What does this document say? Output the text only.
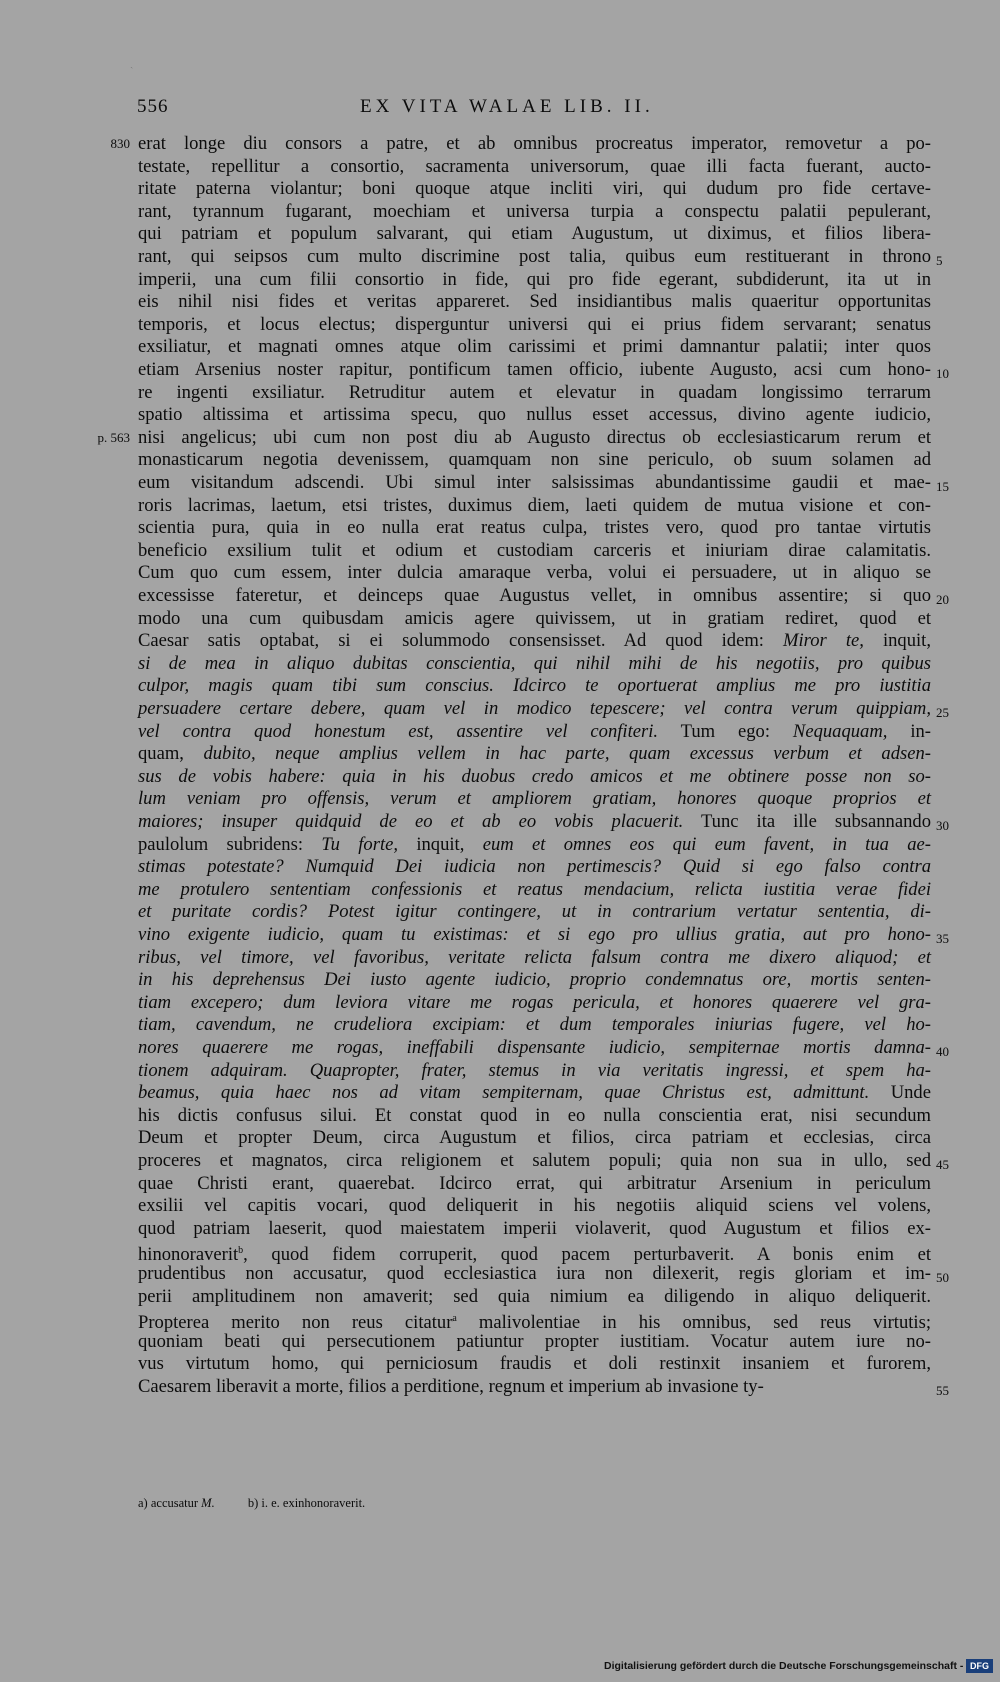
ˎ
556	EX VITA WALAE LIB. II.
erat longe diu consors a patre, et ab omnibus procreatus imperator, removetur a po-
testate, repellitur a consortio, sacramenta universorum, quae illi facta fuerant, aucto-
ritate paterna violantur; boni quoque atque incliti viri, qui dudum pro fide certave-
rant, tyrannum fugarant, moechiam et universa turpia a conspectu palatii pepulerant,
qui patriam et populum salvarant, qui etiam Augustum, ut diximus, et filios libera-
rant, qui seipsos cum multo discrimine post talia, quibus eum restituerant in throno
imperii, una cum filii consortio in fide, qui pro fide egerant, subdiderunt, ita ut in
eis nihil nisi fides et veritas appareret. Sed insidiantibus malis quaeritur opportunitas
temporis, et locus electus; disperguntur universi qui ei prius fidem servarant; senatus
exsiliatur, et magnati omnes atque olim carissimi et primi damnantur palatii; inter quos
etiam Arsenius noster rapitur, pontificum tamen officio, iubente Augusto, acsi cum hono-
re ingenti exsiliatur. Retruditur autem et elevatur in quadam longissimo terrarum
spatio altissima et artissima specu, quo nullus esset accessus, divino agente iudicio,
nisi angelicus; ubi cum non post diu ab Augusto directus ob ecclesiasticarum rerum et
monasticarum negotia devenissem, quamquam non sine periculo, ob suum solamen ad
eum visitandum adscendi. Ubi simul inter salsissimas abundantissime gaudii et mae-
roris lacrimas, laetum, etsi tristes, duximus diem, laeti quidem de mutua visione et con-
scientia pura, quia in eo nulla erat reatus culpa, tristes vero, quod pro tantae virtutis
beneficio exsilium tulit et odium et custodiam carceris et iniuriam dirae calamitatis.
Cum quo cum essem, inter dulcia amaraque verba, volui ei persuadere, ut in aliquo se
excessisse fateretur, et deinceps quae Augustus vellet, in omnibus assentire; si quo
modo una cum quibusdam amicis agere quivissem, ut in gratiam rediret, quod et
Caesar satis optabat, si ei solummodo consensisset. Ad quod idem: Miror te, inquit,
si de mea in aliquo dubitas conscientia, qui nihil mihi de his negotiis, pro quibus
culpor, magis quam tibi sum conscius. Idcirco te oportuerat amplius me pro iustitia
persuadere certare debere, quam vel in modico tepescere; vel contra verum quippiam,
vel contra quod honestum est, assentire vel confiteri. Tum ego: Nequaquam, in-
quam, dubito, neque amplius vellem in hac parte, quam excessus verbum et adsen-
sus de vobis habere: quia in his duobus credo amicos et me obtinere posse non so-
lum veniam pro offensis, verum et ampliorem gratiam, honores quoque proprios et
maiores; insuper quidquid de eo et ab eo vobis placuerit. Tunc ita ille subsannando
paulolum subridens: Tu forte, inquit, eum et omnes eos qui eum favent, in tua ae-
stimas potestate? Numquid Dei iudicia non pertimescis? Quid si ego falso contra
me protulero sententiam confessionis et reatus mendacium, relicta iustitia verae fidei
et puritate cordis? Potest igitur contingere, ut in contrarium vertatur sententia, di-
vino exigente iudicio, quam tu existimas: et si ego pro ullius gratia, aut pro hono-
ribus, vel timore, vel favoribus, veritate relicta falsum contra me dixero aliquod; et
in his deprehensus Dei iusto agente iudicio, proprio condemnatus ore, mortis senten-
tiam excepero; dum leviora vitare me rogas pericula, et honores quaerere vel gra-
tiam, cavendum, ne crudeliora excipiam: et dum temporales iniurias fugere, vel ho-
nores quaerere me rogas, ineffabili dispensante iudicio, sempiternae mortis damna-
tionem adquiram. Quapropter, frater, stemus in via veritatis ingressi, et spem ha-
beamus, quia haec nos ad vitam sempiternam, quae Christus est, admittunt. Unde
his dictis confusus silui. Et constat quod in eo nulla conscientia erat, nisi secundum
Deum et propter Deum, circa Augustum et filios, circa patriam et ecclesias, circa
proceres et magnatos, circa religionem et salutem populi; quia non sua in ullo, sed
quae Christi erant, quaerebat. Idcirco errat, qui arbitratur Arsenium in periculum
exsilii vel capitis vocari, quod deliquerit in his negotiis aliquid sciens vel volens,
quod patriam laeserit, quod maiestatem imperii violaverit, quod Augustum et filios ex-
hinonoraverit$^b$, quod fidem corruperit, quod pacem perturbaverit. A bonis enim et
prudentibus non accusatur, quod ecclesiastica iura non dilexerit, regis gloriam et im-
perii amplitudinem non amaverit; sed quia nimium ea diligendo in aliquo deliquerit.
Propterea merito non reus citatur$^a$ malivolentiae in his omnibus, sed reus virtutis;
quoniam beati qui persecutionem patiuntur propter iustitiam. Vocatur autem iure no-
vus virtutum homo, qui perniciosum fraudis et doli restinxit insaniem et furorem,
Caesarem liberavit a morte, filios a perditione, regnum et imperium ab invasione ty-
830
p. 563
5
10
15
20
25
30
35
40
45
50
55
a) accusatur M.	b) i. e. exinhonoraverit.
Digitalisierung gefördert durch die Deutsche Forschungsgemeinschaft - DFG
